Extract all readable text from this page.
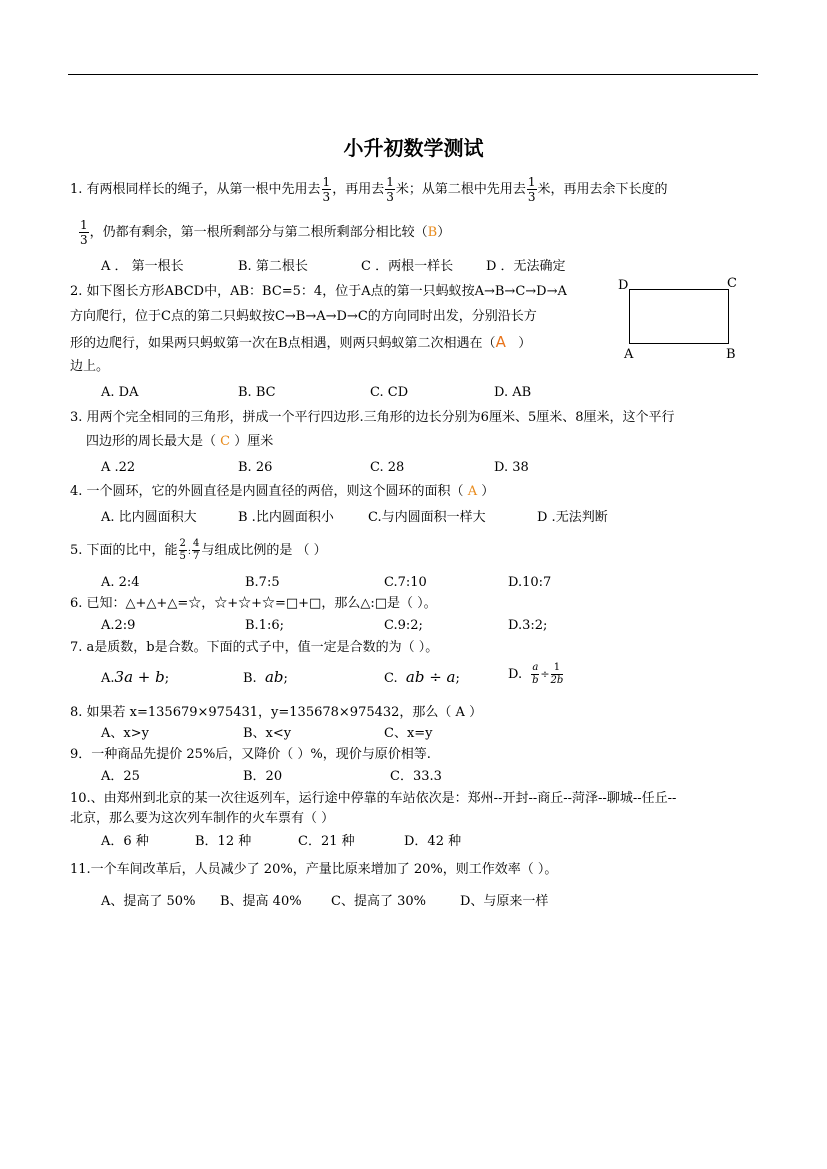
小升初数学测试
1. 有两根同样长的绳子，从第一根中先用去 $\frac{1}{3}$ ，再用去 $\frac{1}{3}$ 米；从第二根中先用去 $\frac{1}{3}$ 米，再用去余下长度的
$\frac{1}{3}$ ，仍都有剩余，第一根所剩部分与第二根所剩部分相比较（B）
A ． 第一根长	B. 第二根长	C ．两根一样长	D ．无法确定
2. 如下图长方形ABCD中，AB：BC=5：4，位于A点的第一只蚂蚁按A→B→C→D→A
方向爬行，位于C点的第二只蚂蚁按C→B→A→D→C的方向同时出发，分别沿长方
形的边爬行，如果两只蚂蚁第一次在B点相遇，则两只蚂蚁第二次相遇在（A ）
边上。
A. DA	B. BC	C. CD	D. AB
D	C
A	B
3. 用两个完全相同的三角形，拼成一个平行四边形.三角形的边长分别为6厘米、5厘米、8厘米，这个平行
四边形的周长最大是（ C ）厘米
A .22	B. 26	C. 28	D. 38
4. 一个圆环，它的外圆直径是内圆直径的两倍，则这个圆环的面积（ A ）
A. 比内圆面积大	B .比内圆面积小	C.与内圆面积一样大	D .无法判断
5. 下面的比中，能 $\frac{2}{5}$ : $\frac{4}{7}$ 与组成比例的是 （ ）
A. 2:4	B.7:5	C.7:10	D.10:7
6. 已知：△+△+△=☆，☆+☆+☆=□+□，那么△:□是（ ）。
A.2:9	B.1:6;	C.9:2;	D.3:2;
7. a是质数，b是合数。下面的式子中，值一定是合数的为（ ）。
A.3a + b;	B. ab;	C. ab ÷ a;	D. $\frac{a}{b} \div \frac{1}{2b}$
8. 如果若 x=135679×975431，y=135678×975432，那么（ A ）
A、x>y	B、x<y	C、x=y
9．一种商品先提价 25%后，又降价（ ）%，现价与原价相等.
A．25	B．20	C．33.3
10.、由郑州到北京的某一次往返列车，运行途中停靠的车站依次是：郑州--开封--商丘--菏泽--聊城--任丘--
北京，那么要为这次列车制作的火车票有（ ）
A．6 种	B．12 种	C．21 种	D．42 种
11.一个车间改革后，人员减少了 20%，产量比原来增加了 20%，则工作效率（ ）。
A、提高了 50% B、提高 40% C、提高了 30%	D、与原来一样
